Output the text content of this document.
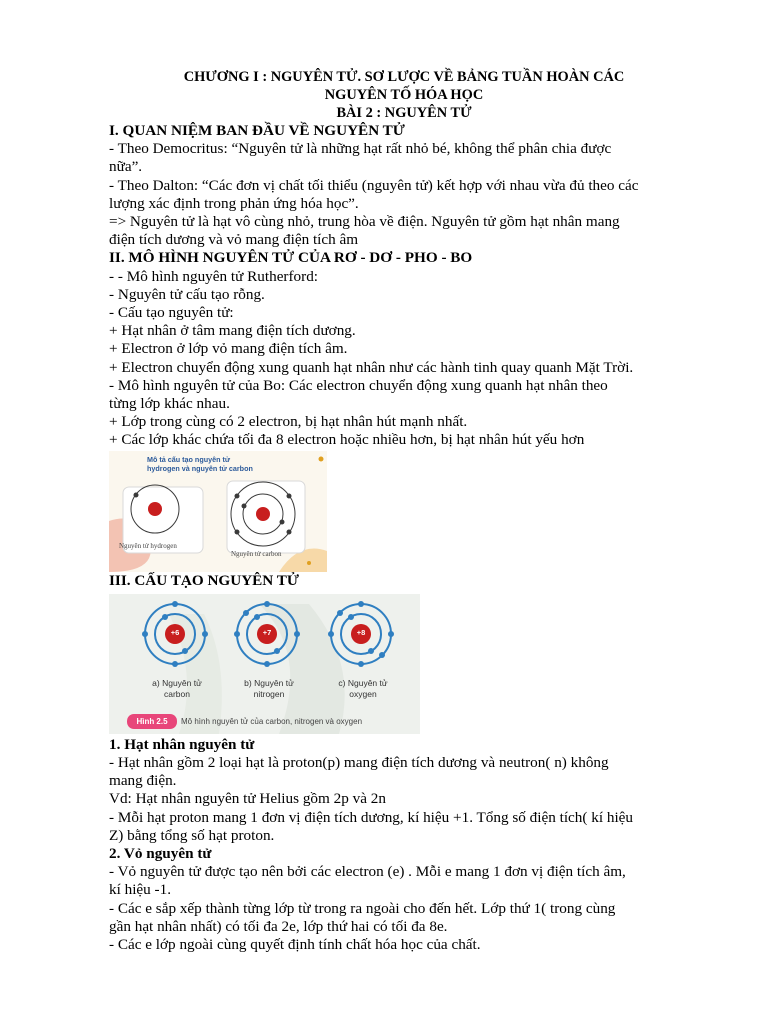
CHƯƠNG I : NGUYÊN TỬ. SƠ LƯỢC VỀ BẢNG TUẦN HOÀN CÁC

NGUYÊN TỐ HÓA HỌC

BÀI 2 : NGUYÊN TỬ

I. QUAN NIỆM BAN ĐẦU VỀ NGUYÊN TỬ

- Theo Democritus: “Nguyên tử là những hạt rất nhỏ bé, không thể phân chia được

nữa”.

- Theo Dalton: “Các đơn vị chất tối thiểu (nguyên tử) kết hợp với nhau vừa đủ theo các

lượng xác định trong phản ứng hóa học”.

=> Nguyên tử là hạt vô cùng nhỏ, trung hòa về điện. Nguyên tử gồm hạt nhân mang

điện tích dương và vỏ mang điện tích âm

II. MÔ HÌNH NGUYÊN TỬ CỦA RƠ - DƠ - PHO - BO

- - Mô hình nguyên tử Rutherford:

- Nguyên tử cấu tạo rỗng.

- Cấu tạo nguyên tử:

+ Hạt nhân ở tâm mang điện tích dương.

+ Electron ở lớp vỏ mang điện tích âm.

+ Electron chuyển động xung quanh hạt nhân như các hành tinh quay quanh Mặt Trời.

- Mô hình nguyên tử của Bo: Các electron chuyển động xung quanh hạt nhân theo

từng lớp khác nhau.

+ Lớp trong cùng có 2 electron, bị hạt nhân hút mạnh nhất.

+ Các lớp khác chứa tối đa 8 electron hoặc nhiều hơn, bị hạt nhân hút yếu hơn

Mô tả cấu tạo nguyên tử
hydrogen và nguyên tử carbon
Nguyên tử hydrogen
Nguyên tử carbon

III. CẤU TẠO NGUYÊN TỬ

+6	+7	+8
a) Nguyên tử
carbon
b) Nguyên tử
nitrogen
c) Nguyên tử
oxygen
Hình 2.5	Mô hình nguyên tử của carbon, nitrogen và oxygen

1. Hạt nhân nguyên tử

- Hạt nhân gồm 2 loại hạt là proton(p) mang điện tích dương và neutron( n) không

mang điện.

Vd: Hạt nhân nguyên tử Helius gồm 2p và 2n

- Mỗi hạt proton mang 1 đơn vị điện tích dương, kí hiệu +1. Tổng số điện tích( kí hiệu

Z) bằng tổng số hạt proton.

2. Vỏ nguyên tử

- Vỏ nguyên tử được tạo nên bởi các electron (e) . Mỗi e mang 1 đơn vị điện tích âm,

kí hiệu -1.

- Các e sắp xếp thành từng lớp từ trong ra ngoài cho đến hết. Lớp thứ 1( trong cùng

gần hạt nhân nhất) có tối đa 2e, lớp thứ hai có tối đa 8e.

- Các e lớp ngoài cùng quyết định tính chất hóa học của chất.
